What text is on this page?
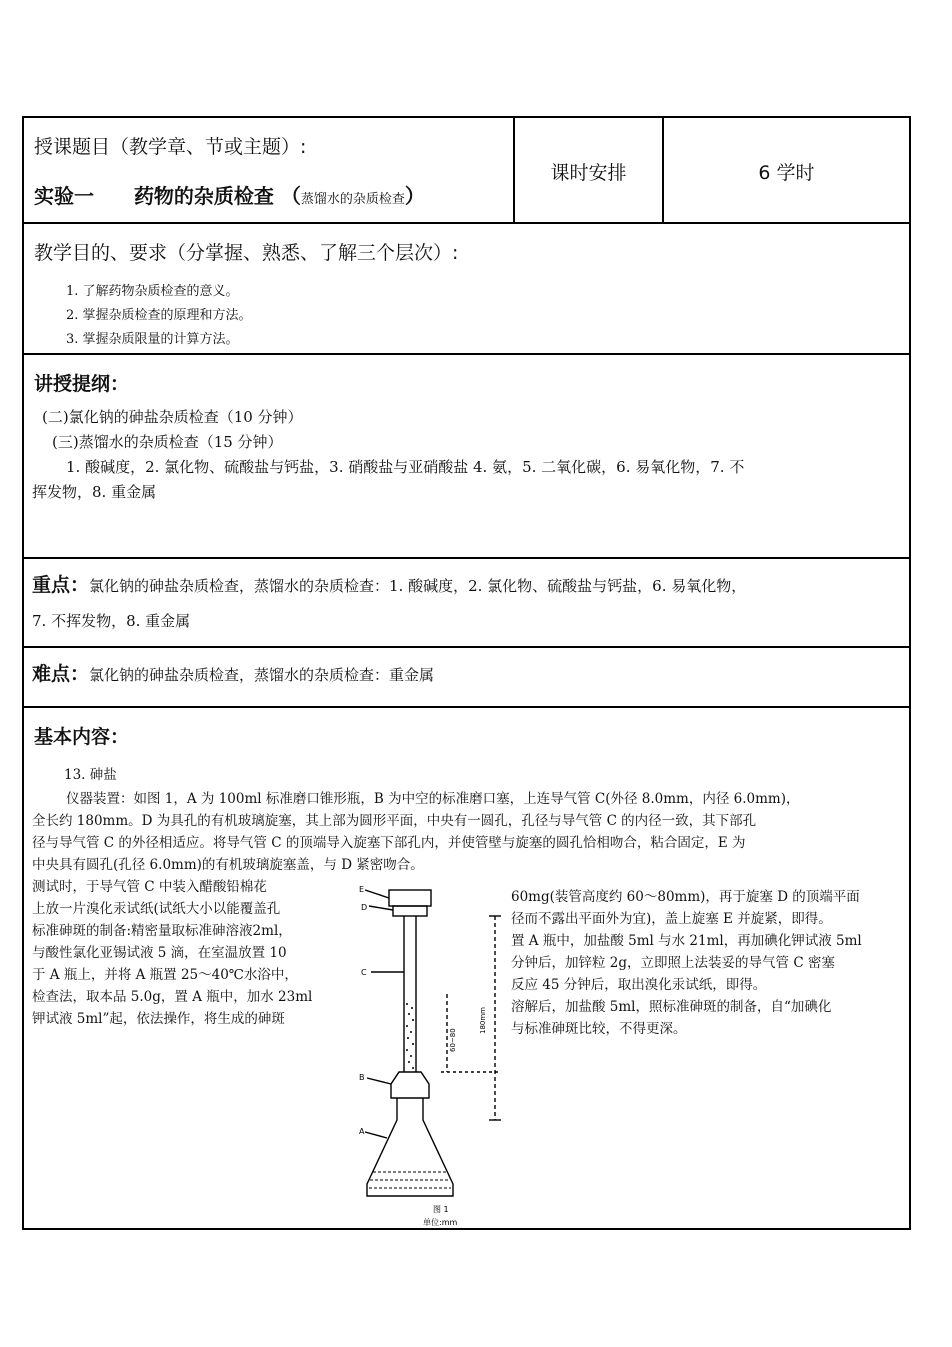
授课题目（教学章、节或主题）:
实验一 药物的杂质检查 （蒸馏水的杂质检查）
课时安排	6 学时
教学目的、要求（分掌握、熟悉、了解三个层次）:
1. 了解药物杂质检查的意义。
2. 掌握杂质检查的原理和方法。
3. 掌握杂质限量的计算方法。
讲授提纲：
(二)氯化钠的砷盐杂质检查（10 分钟）
(三)蒸馏水的杂质检查（15 分钟）
1. 酸碱度，2. 氯化物、硫酸盐与钙盐，3. 硝酸盐与亚硝酸盐 4. 氨，5. 二氧化碳，6. 易氧化物，7. 不
挥发物，8. 重金属
重点：氯化钠的砷盐杂质检查，蒸馏水的杂质检查：1. 酸碱度，2. 氯化物、硫酸盐与钙盐，6. 易氧化物，
7. 不挥发物，8. 重金属
难点：氯化钠的砷盐杂质检查，蒸馏水的杂质检查：重金属
基本内容：
13. 砷盐
仪器装置：如图 1，A 为 100ml 标准磨口锥形瓶，B 为中空的标准磨口塞，上连导气管 C(外径 8.0mm，内径 6.0mm)，
全长约 180mm。D 为具孔的有机玻璃旋塞，其上部为圆形平面，中央有一圆孔，孔径与导气管 C 的内径一致，其下部孔
径与导气管 C 的外径相适应。将导气管 C 的顶端导入旋塞下部孔内，并使管壁与旋塞的圆孔恰相吻合，粘合固定，E 为
中央具有圆孔(孔径 6.0mm)的有机玻璃旋塞盖，与 D 紧密吻合。
测试时，于导气管 C 中装入醋酸铅棉花
上放一片溴化汞试纸(试纸大小以能覆盖孔
标准砷斑的制备:精密量取标准砷溶液2ml，
与酸性氯化亚锡试液 5 滴，在室温放置 10
于 A 瓶上，并将 A 瓶置 25～40℃水浴中，
检查法，取本品 5.0g，置 A 瓶中，加水 23ml
钾试液 5ml”起，依法操作，将生成的砷斑
60mg(装管高度约 60～80mm)，再于旋塞 D 的顶端平面
径而不露出平面外为宜)，盖上旋塞 E 并旋紧，即得。
置 A 瓶中，加盐酸 5ml 与水 21ml，再加碘化钾试液 5ml
分钟后，加锌粒 2g，立即照上法装妥的导气管 C 密塞
反应 45 分钟后，取出溴化汞试纸，即得。
溶解后，加盐酸 5ml，照标准砷斑的制备，自“加碘化
与标准砷斑比较，不得更深。
E
D
C
B
A
60~80
180mm
图 1
单位:mm
